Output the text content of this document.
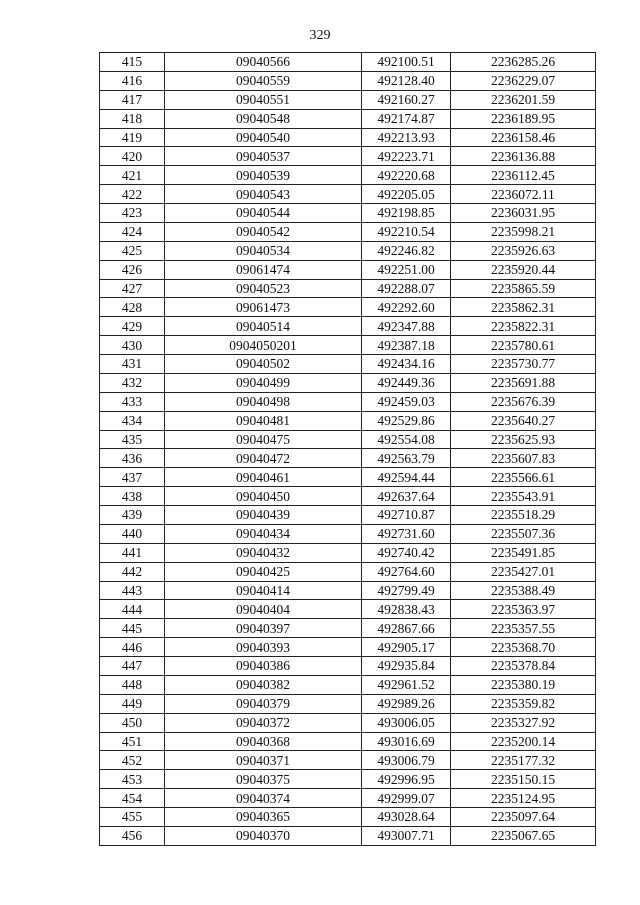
329
415	09040566	492100.51	2236285.26
416	09040559	492128.40	2236229.07
417	09040551	492160.27	2236201.59
418	09040548	492174.87	2236189.95
419	09040540	492213.93	2236158.46
420	09040537	492223.71	2236136.88
421	09040539	492220.68	2236112.45
422	09040543	492205.05	2236072.11
423	09040544	492198.85	2236031.95
424	09040542	492210.54	2235998.21
425	09040534	492246.82	2235926.63
426	09061474	492251.00	2235920.44
427	09040523	492288.07	2235865.59
428	09061473	492292.60	2235862.31
429	09040514	492347.88	2235822.31
430	0904050201	492387.18	2235780.61
431	09040502	492434.16	2235730.77
432	09040499	492449.36	2235691.88
433	09040498	492459.03	2235676.39
434	09040481	492529.86	2235640.27
435	09040475	492554.08	2235625.93
436	09040472	492563.79	2235607.83
437	09040461	492594.44	2235566.61
438	09040450	492637.64	2235543.91
439	09040439	492710.87	2235518.29
440	09040434	492731.60	2235507.36
441	09040432	492740.42	2235491.85
442	09040425	492764.60	2235427.01
443	09040414	492799.49	2235388.49
444	09040404	492838.43	2235363.97
445	09040397	492867.66	2235357.55
446	09040393	492905.17	2235368.70
447	09040386	492935.84	2235378.84
448	09040382	492961.52	2235380.19
449	09040379	492989.26	2235359.82
450	09040372	493006.05	2235327.92
451	09040368	493016.69	2235200.14
452	09040371	493006.79	2235177.32
453	09040375	492996.95	2235150.15
454	09040374	492999.07	2235124.95
455	09040365	493028.64	2235097.64
456	09040370	493007.71	2235067.65
